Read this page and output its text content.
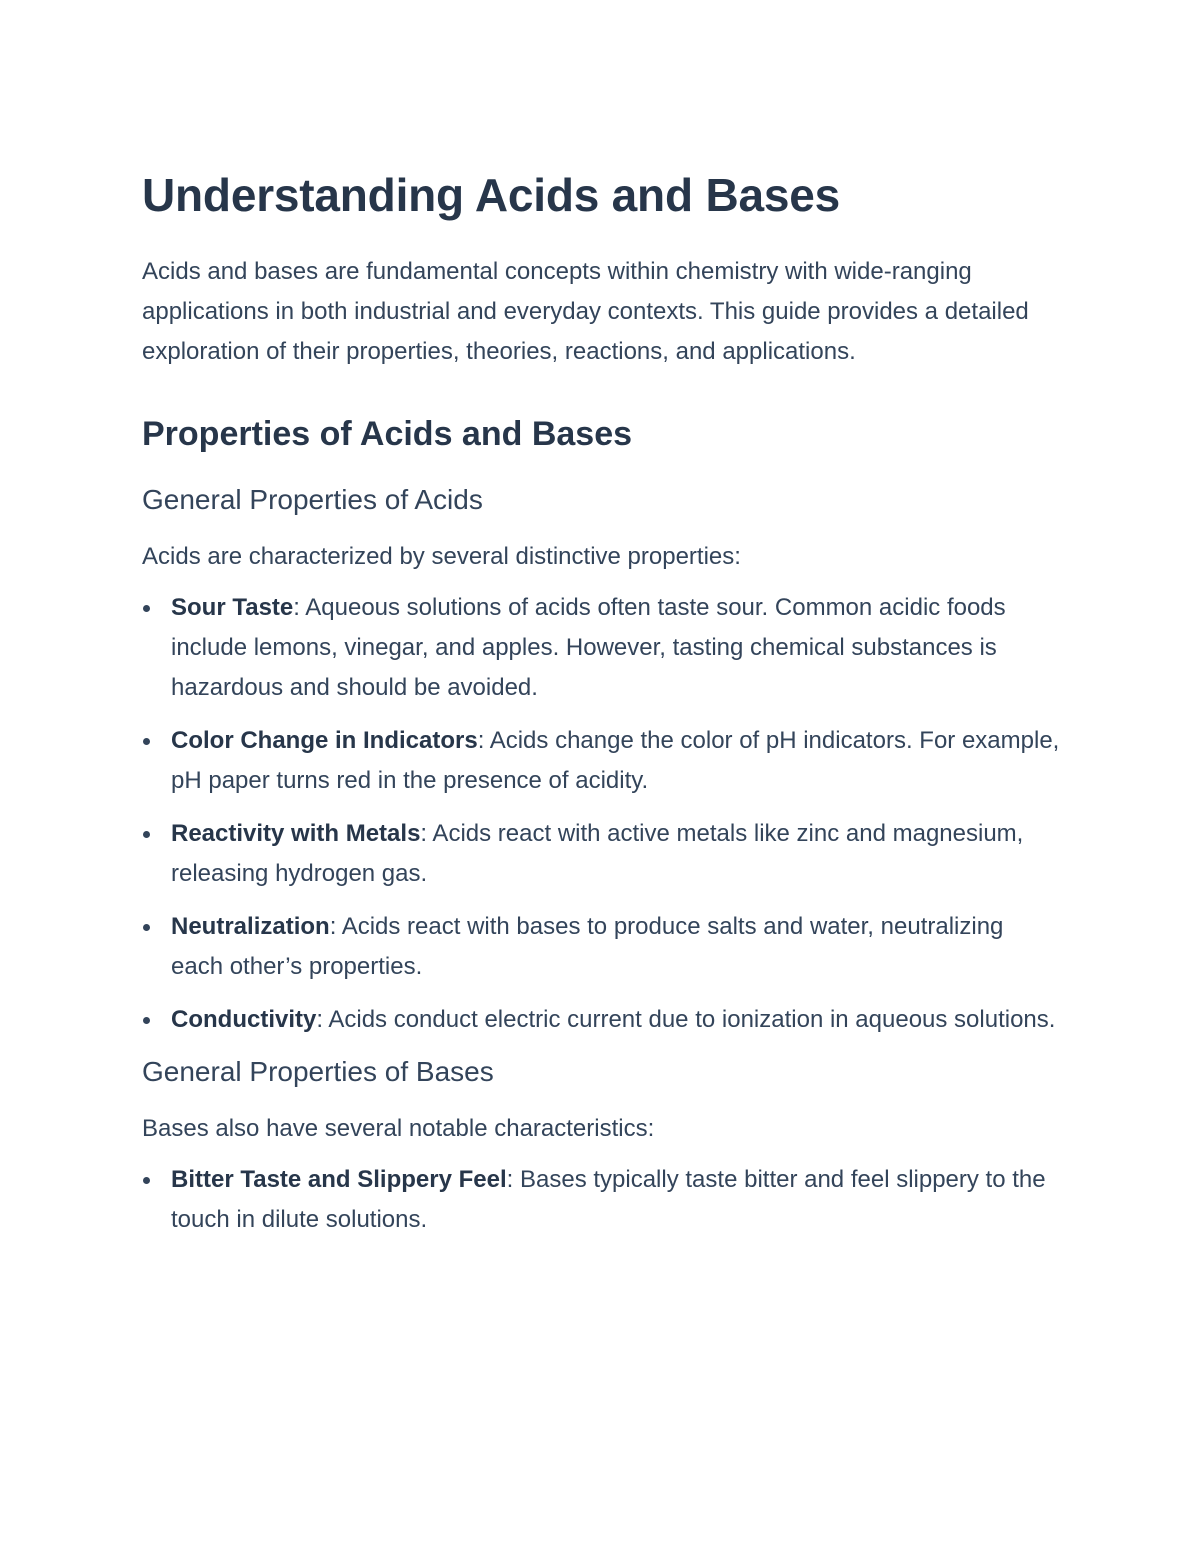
Understanding Acids and Bases

Acids and bases are fundamental concepts within chemistry with wide-ranging applications in both industrial and everyday contexts. This guide provides a detailed exploration of their properties, theories, reactions, and applications.

Properties of Acids and Bases
General Properties of Acids

Acids are characterized by several distinctive properties:

Sour Taste: Aqueous solutions of acids often taste sour. Common acidic foods include lemons, vinegar, and apples. However, tasting chemical substances is hazardous and should be avoided.
Color Change in Indicators: Acids change the color of pH indicators. For example, pH paper turns red in the presence of acidity.
Reactivity with Metals: Acids react with active metals like zinc and magnesium, releasing hydrogen gas.
Neutralization: Acids react with bases to produce salts and water, neutralizing each other’s properties.
Conductivity: Acids conduct electric current due to ionization in aqueous solutions.
General Properties of Bases

Bases also have several notable characteristics:

Bitter Taste and Slippery Feel: Bases typically taste bitter and feel slippery to the touch in dilute solutions.
